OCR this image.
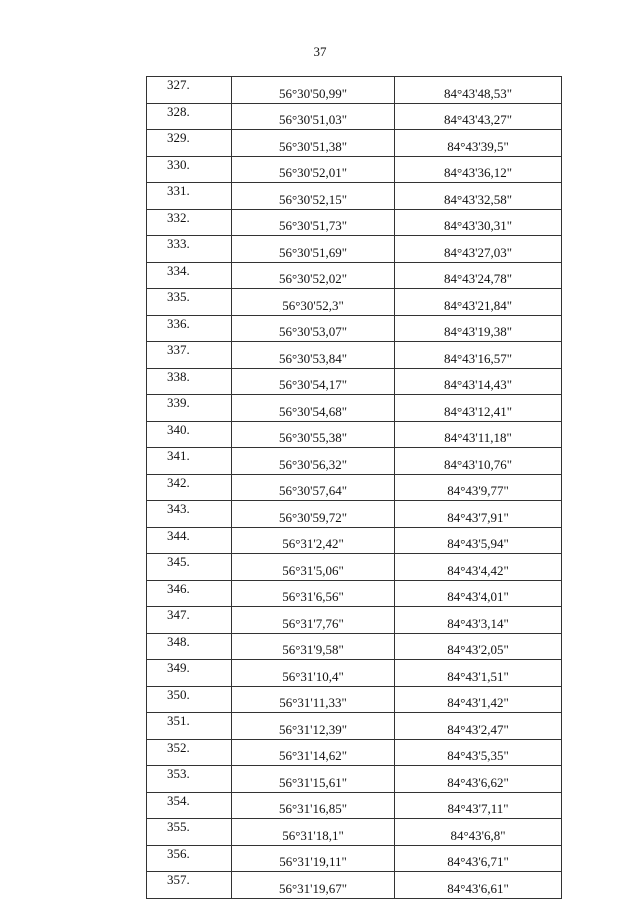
37
327.	56°30'50,99"	84°43'48,53"
328.	56°30'51,03"	84°43'43,27"
329.	56°30'51,38"	84°43'39,5"
330.	56°30'52,01"	84°43'36,12"
331.	56°30'52,15"	84°43'32,58"
332.	56°30'51,73"	84°43'30,31"
333.	56°30'51,69"	84°43'27,03"
334.	56°30'52,02"	84°43'24,78"
335.	56°30'52,3"	84°43'21,84"
336.	56°30'53,07"	84°43'19,38"
337.	56°30'53,84"	84°43'16,57"
338.	56°30'54,17"	84°43'14,43"
339.	56°30'54,68"	84°43'12,41"
340.	56°30'55,38"	84°43'11,18"
341.	56°30'56,32"	84°43'10,76"
342.	56°30'57,64"	84°43'9,77"
343.	56°30'59,72"	84°43'7,91"
344.	56°31'2,42"	84°43'5,94"
345.	56°31'5,06"	84°43'4,42"
346.	56°31'6,56"	84°43'4,01"
347.	56°31'7,76"	84°43'3,14"
348.	56°31'9,58"	84°43'2,05"
349.	56°31'10,4"	84°43'1,51"
350.	56°31'11,33"	84°43'1,42"
351.	56°31'12,39"	84°43'2,47"
352.	56°31'14,62"	84°43'5,35"
353.	56°31'15,61"	84°43'6,62"
354.	56°31'16,85"	84°43'7,11"
355.	56°31'18,1"	84°43'6,8"
356.	56°31'19,11"	84°43'6,71"
357.	56°31'19,67"	84°43'6,61"
